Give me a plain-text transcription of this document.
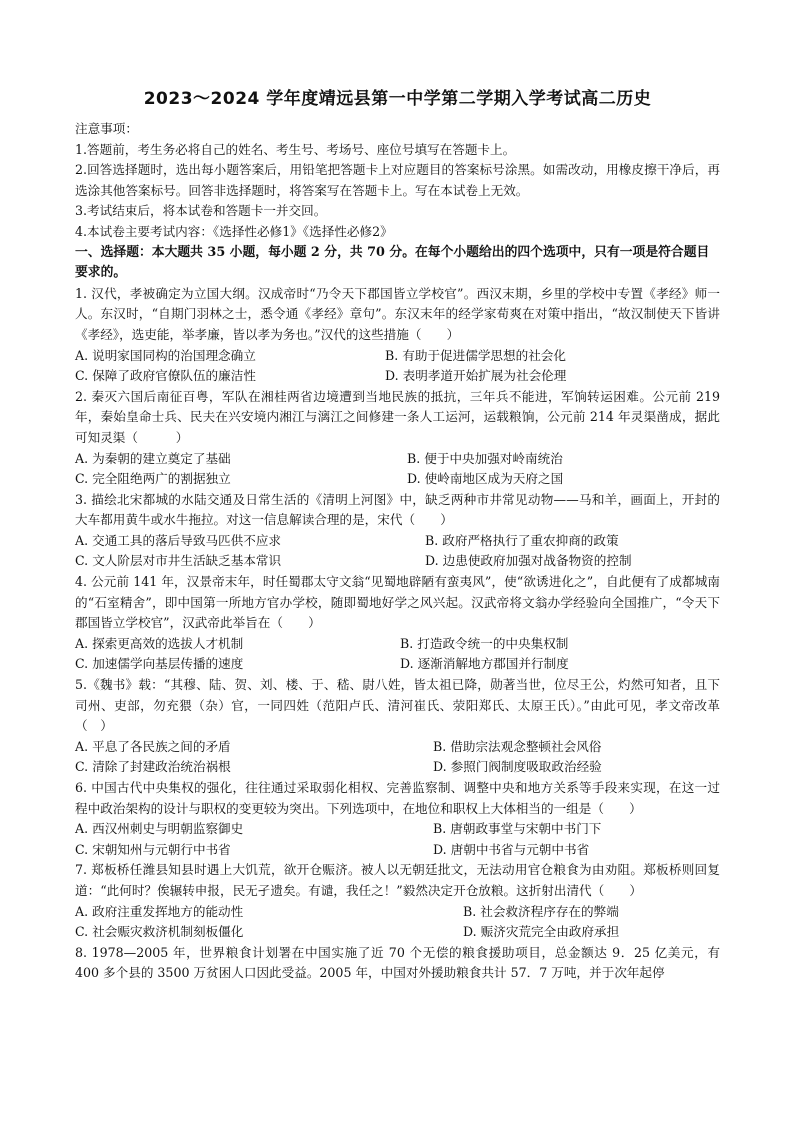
2023～2024 学年度靖远县第一中学第二学期入学考试高二历史
注意事项：

1.答题前，考生务必将自己的姓名、考生号、考场号、座位号填写在答题卡上。

2.回答选择题时，选出每小题答案后，用铅笔把答题卡上对应题目的答案标号涂黑。如需改动，用橡皮擦干净后，再选涂其他答案标号。回答非选择题时，将答案写在答题卡上。写在本试卷上无效。

3.考试结束后，将本试卷和答题卡一并交回。

4.本试卷主要考试内容：《选择性必修1》《选择性必修2》

一、选择题：本大题共 35 小题，每小题 2 分，共 70 分。在每个小题给出的四个选项中，只有一项是符合题目要求的。

1. 汉代，孝被确定为立国大纲。汉成帝时“乃令天下郡国皆立学校官”。西汉末期，乡里的学校中专置《孝经》师一人。东汉时，“自期门羽林之士，悉令通《孝经》章句”。东汉末年的经学家荀爽在对策中指出，“故汉制使天下皆讲《孝经》，选吏能，举孝廉，皆以孝为务也。”汉代的这些措施（　　）

A. 说明家国同构的治国理念确立	B. 有助于促进儒学思想的社会化
C. 保障了政府官僚队伍的廉洁性	D. 表明孝道开始扩展为社会伦理

2. 秦灭六国后南征百粤，军队在湘桂两省边境遭到当地民族的抵抗，三年兵不能进，军饷转运困难。公元前 219 年，秦始皇命士兵、民夫在兴安境内湘江与漓江之间修建一条人工运河，运载粮饷，公元前 214 年灵渠凿成，据此可知灵渠（　　　）

A. 为秦朝的建立奠定了基础	B. 便于中央加强对岭南统治
C. 完全阻绝两广的割据独立	D. 使岭南地区成为天府之国

3. 描绘北宋都城的水陆交通及日常生活的《清明上河图》中，缺乏两种市井常见动物——马和羊，画面上，开封的大车都用黄牛或水牛拖拉。对这一信息解读合理的是，宋代（　　）

A. 交通工具的落后导致马匹供不应求	B. 政府严格执行了重农抑商的政策
C. 文人阶层对市井生活缺乏基本常识	D. 边患使政府加强对战备物资的控制

4. 公元前 141 年，汉景帝末年，时任蜀郡太守文翁“见蜀地辟陋有蛮夷风”，使“欲诱进化之”，自此便有了成都城南的“石室精舍”，即中国第一所地方官办学校，随即蜀地好学之风兴起。汉武帝将文翁办学经验向全国推广，“令天下郡国皆立学校官”，汉武帝此举旨在（　　）

A. 探索更高效的选拔人才机制	B. 打造政令统一的中央集权制
C. 加速儒学向基层传播的速度	D. 逐渐消解地方郡国并行制度

5.《魏书》载：“其穆、陆、贺、刘、楼、于、嵇、尉八姓，皆太祖已降，勋著当世，位尽王公，灼然可知者，且下司州、吏部，勿充猥（杂）官，一同四姓（范阳卢氏、清河崔氏、荥阳郑氏、太原王氏）。”由此可见，孝文帝改革（　）

A. 平息了各民族之间的矛盾	B. 借助宗法观念整顿社会风俗
C. 清除了封建政治统治祸根	D. 参照门阀制度吸取政治经验

6. 中国古代中央集权的强化，往往通过采取弱化相权、完善监察制、调整中央和地方关系等手段来实现，在这一过程中政治架构的设计与职权的变更较为突出。下列选项中，在地位和职权上大体相当的一组是（　　）

A. 西汉州刺史与明朝监察御史	B. 唐朝政事堂与宋朝中书门下
C. 宋朝知州与元朝行中书省	D. 唐朝中书省与元朝中书省

7. 郑板桥任潍县知县时遇上大饥荒，欲开仓赈济。被人以无朝廷批文，无法动用官仓粮食为由劝阻。郑板桥则回复道：“此何时？俟辗转申报，民无孑遗矣。有谴，我任之！”毅然决定开仓放粮。这折射出清代（　　）

A. 政府注重发挥地方的能动性	B. 社会救济程序存在的弊端
C. 社会赈灾救济机制刻板僵化	D. 赈济灾荒完全由政府承担

8. 1978—2005 年，世界粮食计划署在中国实施了近 70 个无偿的粮食援助项目，总金额达 9．25 亿美元，有 400 多个县的 3500 万贫困人口因此受益。2005 年，中国对外援助粮食共计 57．7 万吨，并于次年起停
